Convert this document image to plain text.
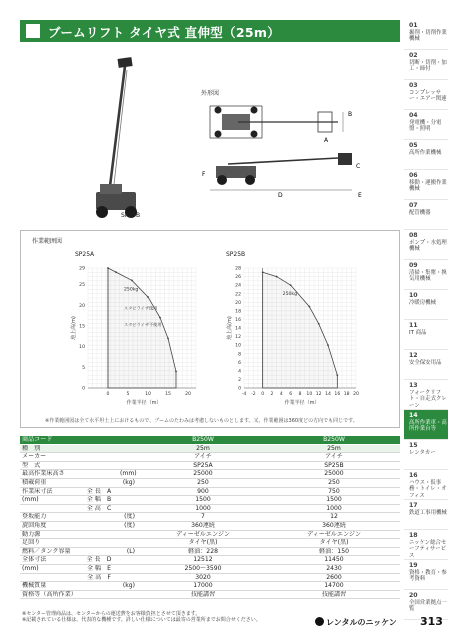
ブームリフト タイヤ式 直伸型（25m）	01
掘削・切削作業機械
02
切断・切削・加工・締付
03
コンプレッサー・エアー関連
04
発電機・分電盤・照明
05
高所作業機械
06
移動・運搬作業機械
07
配管機器
08
ポンプ・水処理機械
09
清掃・集塵・換気用機械
10
冷暖房機械
11
IT 商品
12
安全保安用品
13
フォークリフト・自走式クレーン
14
高所作業車・高所作業台等
15
レンタカー
16
ハウス・仮事務・トイレ・オフィス
17
鉄道工事用機械
18
ニッケン総合セーフティサービス
19
資格・教育・参考資料
20
全国営業拠点一覧
SP25B
外形図
B
A
D
F
C
E
作業範囲図
SP25A	SP25B
0	5	10	15	20
0
5
10
15
20
25
29
地上高(m)
作業半径（m）
250kg
スタビライザ使用
スタビライザ不使用
-4 -2 0 2 4 6 8 10 12 14 16 18 20
0
2
4
6
8
10
12
14
16
18
20
22
24
26
28
地上高(m)
作業半径（m）
250kg
※作業範囲図は全て水平坦土上におけるもので、ブームのたわみは考慮しないものとします。又、作業範囲は360度どの方向でも同じです。
商品コード			B250W	B250W
種　別			25m	25m
メーカー			アイチ	アイチ
型　式			SP25A	SP25B
最高作業床高さ		(mm)	25000	25000
積載荷重		(kg)	250	250
作業床寸法	全 長　A		900	750
(mm)	全 幅　B		1500	1500
	全 高　C		1000	1000
登坂能力		(度)	7	12
旋回角度		(度)	360連続	360連続
動力源			ディーゼルエンジン	ディーゼルエンジン
足回り			タイヤ(黒)	タイヤ(黒)
燃料／タンク容量		(L)	軽油：228	軽油：150
全体寸法	全 長　D		12512	11450
(mm)	全 幅　E		2500～3590	2430
	全 高　F		3020	2600
機械質量		(kg)	17000	14700
資格等（高所作業）			技能講習	技能講習
※センター管理商品は、センターからの運送費をお客様負担とさせて頂きます。
※記載されている仕様は、代表的な機種です。詳しい仕様については最寄の営業所までお問合せください。	レンタルのニッケン 313
